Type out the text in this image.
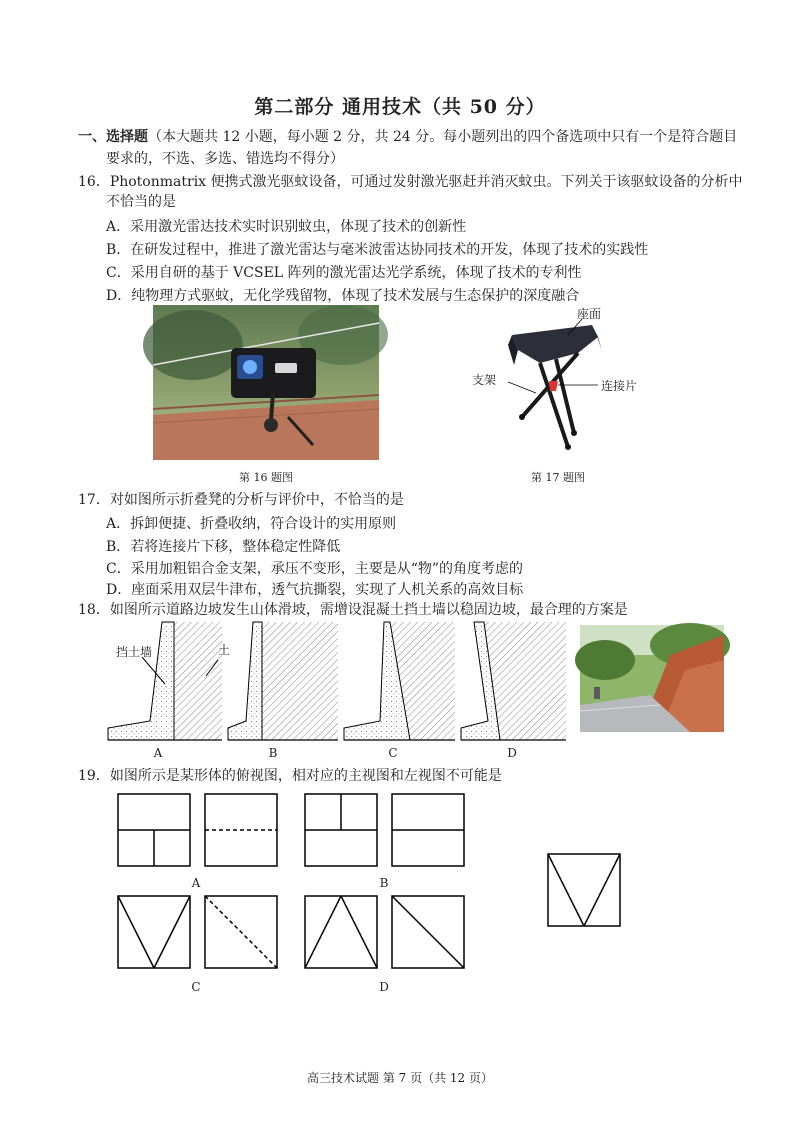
第二部分 通用技术（共 50 分）
一、选择题（本大题共 12 小题，每小题 2 分，共 24 分。每小题列出的四个备选项中只有一个是符合题目
要求的，不选、多选、错选均不得分）
16．Photonmatrix 便携式激光驱蚊设备，可通过发射激光驱赶并消灭蚊虫。下列关于该驱蚊设备的分析中
不恰当的是
A．采用激光雷达技术实时识别蚊虫，体现了技术的创新性
B．在研发过程中，推进了激光雷达与毫米波雷达协同技术的开发，体现了技术的实践性
C．采用自研的基于 VCSEL 阵列的激光雷达光学系统，体现了技术的专利性
D．纯物理方式驱蚊，无化学残留物，体现了技术发展与生态保护的深度融合
第 16 题图
座面
支架	连接片
第 17 题图
17．对如图所示折叠凳的分析与评价中，不恰当的是
A．拆卸便捷、折叠收纳，符合设计的实用原则
B．若将连接片下移，整体稳定性降低
C．采用加粗铝合金支架，承压不变形，主要是从“物”的角度考虑的
D．座面采用双层牛津布，透气抗撕裂，实现了人机关系的高效目标
18．如图所示道路边坡发生山体滑坡，需增设混凝土挡土墙以稳固边坡，最合理的方案是
挡土墙	土
A	B	C	D
19．如图所示是某形体的俯视图，相对应的主视图和左视图不可能是
A	B
C	D
高三技术试题 第 7 页（共 12 页）
